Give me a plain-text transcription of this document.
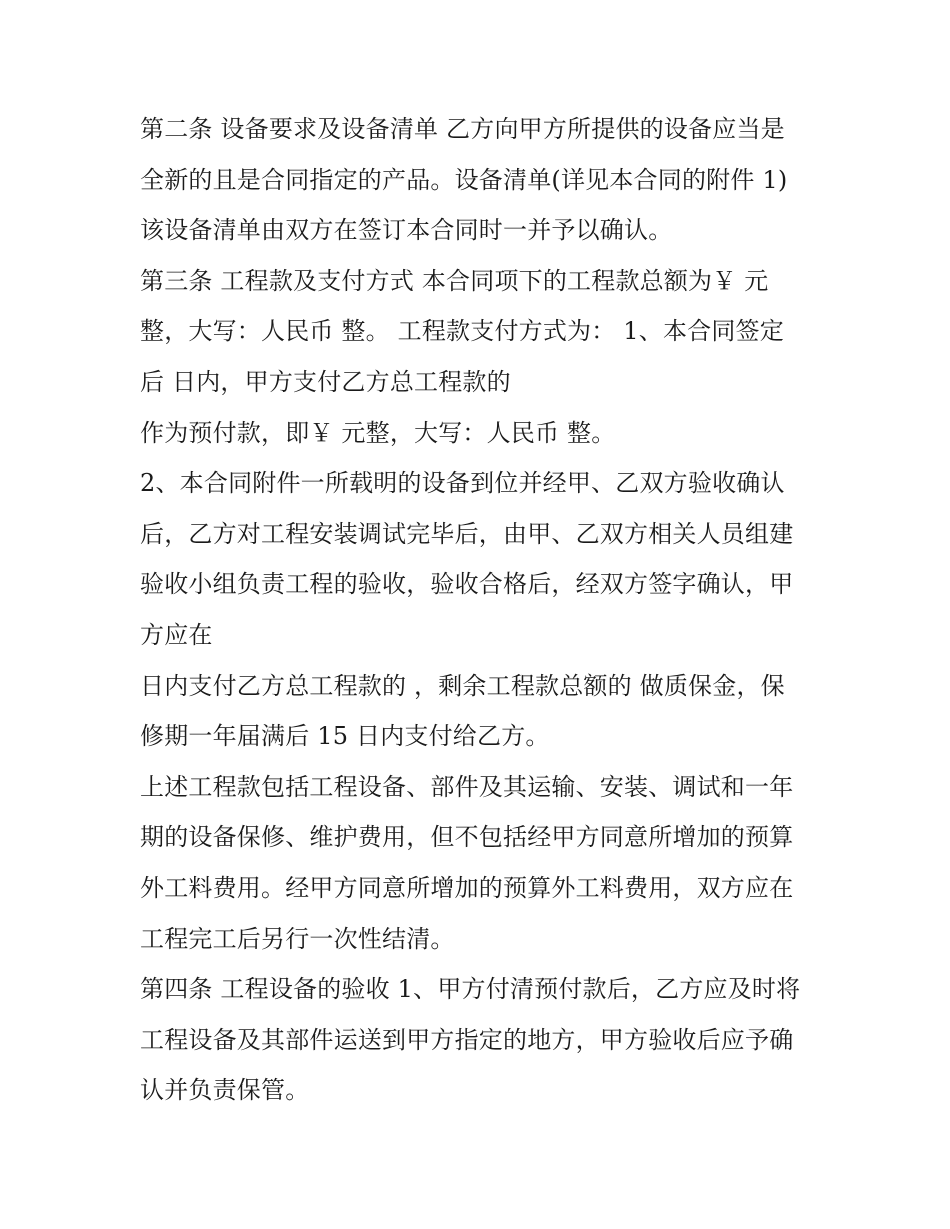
第二条 设备要求及设备清单 乙方向甲方所提供的设备应当是
全新的且是合同指定的产品。设备清单(详见本合同的附件 1)
该设备清单由双方在签订本合同时一并予以确认。
第三条 工程款及支付方式 本合同项下的工程款总额为￥ 元
整，大写：人民币 整。 工程款支付方式为： 1、本合同签定
后 日内，甲方支付乙方总工程款的
作为预付款，即￥ 元整，大写：人民币 整。
2、本合同附件一所载明的设备到位并经甲、乙双方验收确认
后，乙方对工程安装调试完毕后，由甲、乙双方相关人员组建
验收小组负责工程的验收，验收合格后，经双方签字确认，甲
方应在
日内支付乙方总工程款的 ，剩余工程款总额的 做质保金，保
修期一年届满后 15 日内支付给乙方。
上述工程款包括工程设备、部件及其运输、安装、调试和一年
期的设备保修、维护费用，但不包括经甲方同意所增加的预算
外工料费用。经甲方同意所增加的预算外工料费用，双方应在
工程完工后另行一次性结清。
第四条 工程设备的验收 1、甲方付清预付款后，乙方应及时将
工程设备及其部件运送到甲方指定的地方，甲方验收后应予确
认并负责保管。
